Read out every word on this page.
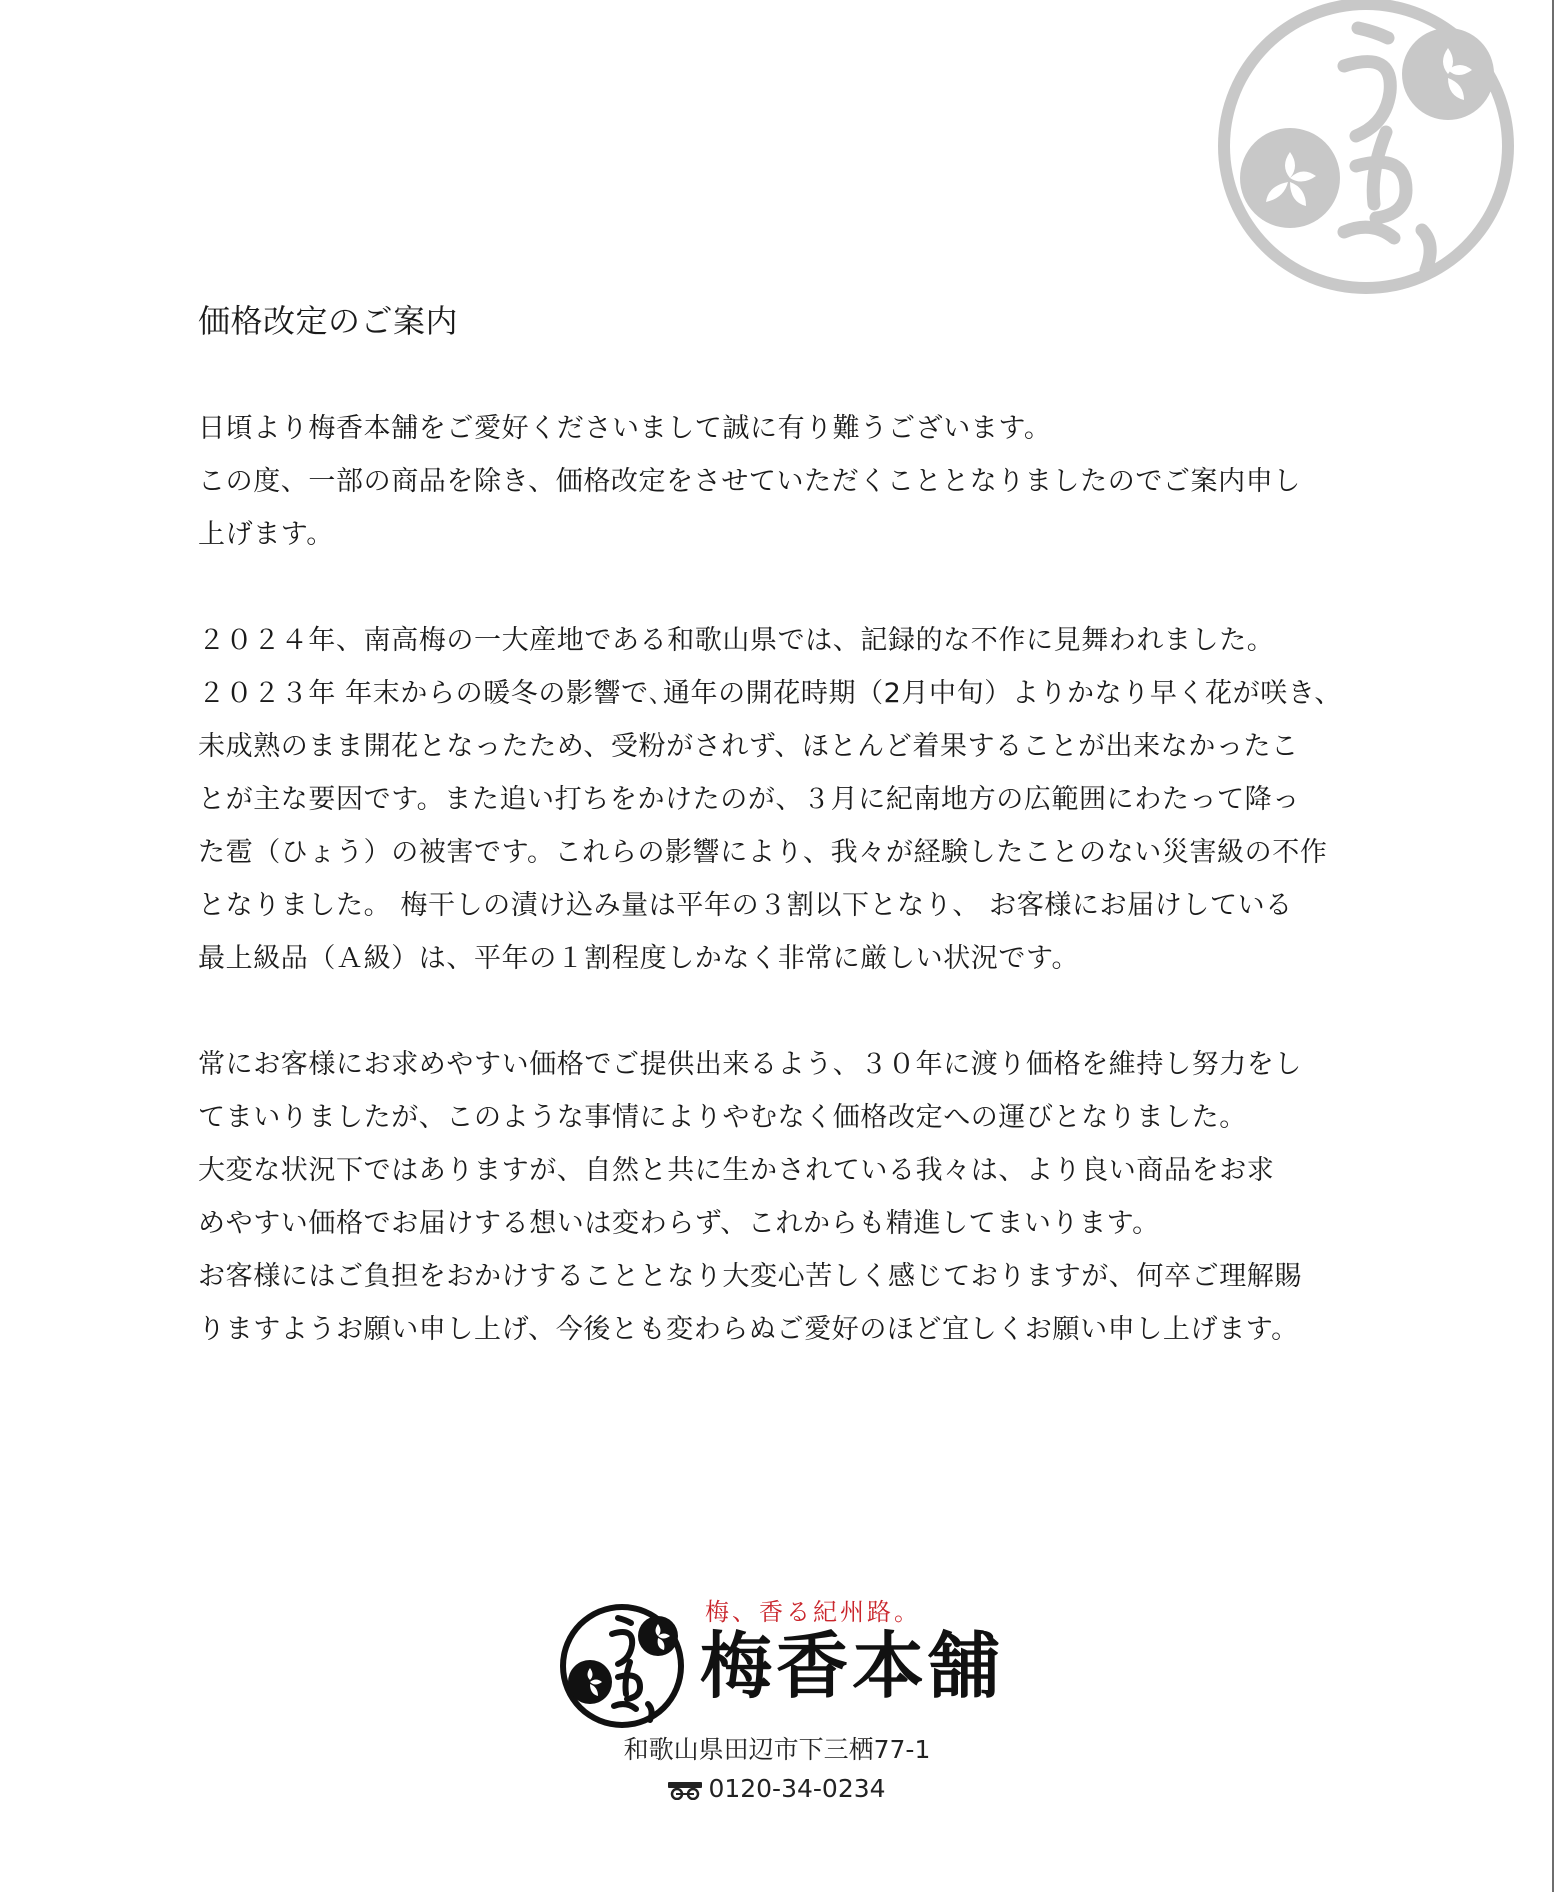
価格改定のご案内

日頃より梅香本舗をご愛好くださいまして誠に有り難うございます。
この度、一部の商品を除き、価格改定をさせていただくこととなりましたのでご案内申し
上げます。

２０２４年、南高梅の一大産地である和歌山県では、記録的な不作に見舞われました。
２０２３年 年末からの暖冬の影響で､通年の開花時期（2月中旬）よりかなり早く花が咲き、
未成熟のまま開花となったため、受粉がされず、ほとんど着果することが出来なかったこ
とが主な要因です。また追い打ちをかけたのが、３月に紀南地方の広範囲にわたって降っ
た雹（ひょう）の被害です。これらの影響により、我々が経験したことのない災害級の不作
となりました。 梅干しの漬け込み量は平年の３割以下となり、 お客様にお届けしている
最上級品（Ａ級）は、平年の１割程度しかなく非常に厳しい状況です。

常にお客様にお求めやすい価格でご提供出来るよう、３０年に渡り価格を維持し努力をし
てまいりましたが、このような事情によりやむなく価格改定への運びとなりました。
大変な状況下ではありますが、自然と共に生かされている我々は、より良い商品をお求
めやすい価格でお届けする想いは変わらず、これからも精進してまいります。
お客様にはご負担をおかけすることとなり大変心苦しく感じておりますが、何卒ご理解賜
りますようお願い申し上げ、今後とも変わらぬご愛好のほど宜しくお願い申し上げます。

梅、香る紀州路。
梅香本舗
和歌山県田辺市下三栖77-1
0120-34-0234
